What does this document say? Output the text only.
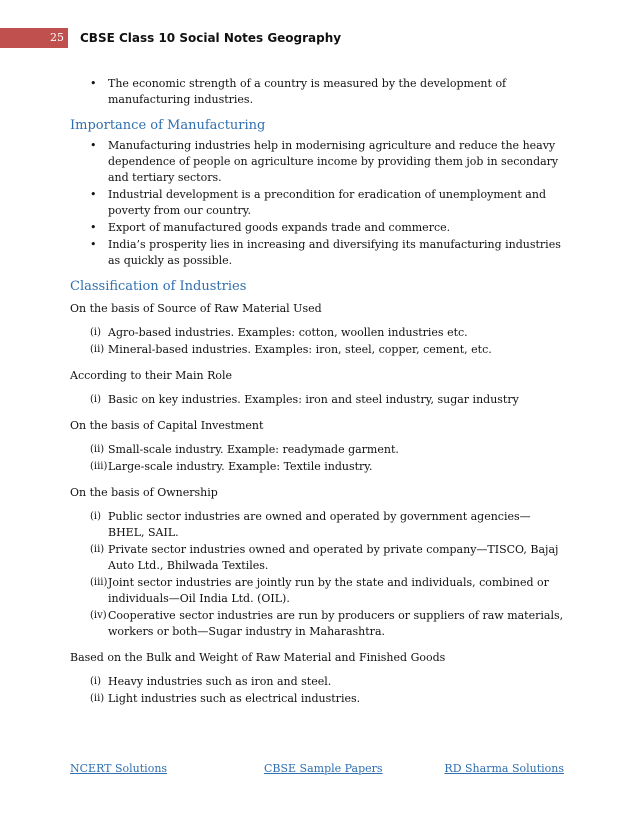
25	CBSE Class 10 Social Notes Geography
• The economic strength of a country is measured by the development of manufacturing industries.
Importance of Manufacturing
• Manufacturing industries help in modernising agriculture and reduce the heavy dependence of people on agriculture income by providing them job in secondary and tertiary sectors.
• Industrial development is a precondition for eradication of unemployment and poverty from our country.
• Export of manufactured goods expands trade and commerce.
• India’s prosperity lies in increasing and diversifying its manufacturing industries as quickly as possible.
Classification of Industries
On the basis of Source of Raw Material Used
(i) Agro-based industries. Examples: cotton, woollen industries etc.
(ii) Mineral-based industries. Examples: iron, steel, copper, cement, etc.
According to their Main Role
(i) Basic on key industries. Examples: iron and steel industry, sugar industry
On the basis of Capital Investment
(ii) Small-scale industry. Example: readymade garment.
(iii) Large-scale industry. Example: Textile industry.
On the basis of Ownership
(i) Public sector industries are owned and operated by government agencies— BHEL, SAIL.
(ii) Private sector industries owned and operated by private company—TISCO, Bajaj Auto Ltd., Bhilwada Textiles.
(iii) Joint sector industries are jointly run by the state and individuals, combined or individuals—Oil India Ltd. (OIL).
(iv) Cooperative sector industries are run by producers or suppliers of raw materials, workers or both—Sugar industry in Maharashtra.
Based on the Bulk and Weight of Raw Material and Finished Goods
(i) Heavy industries such as iron and steel.
(ii) Light industries such as electrical industries.
NCERT Solutions	CBSE Sample Papers	RD Sharma Solutions
